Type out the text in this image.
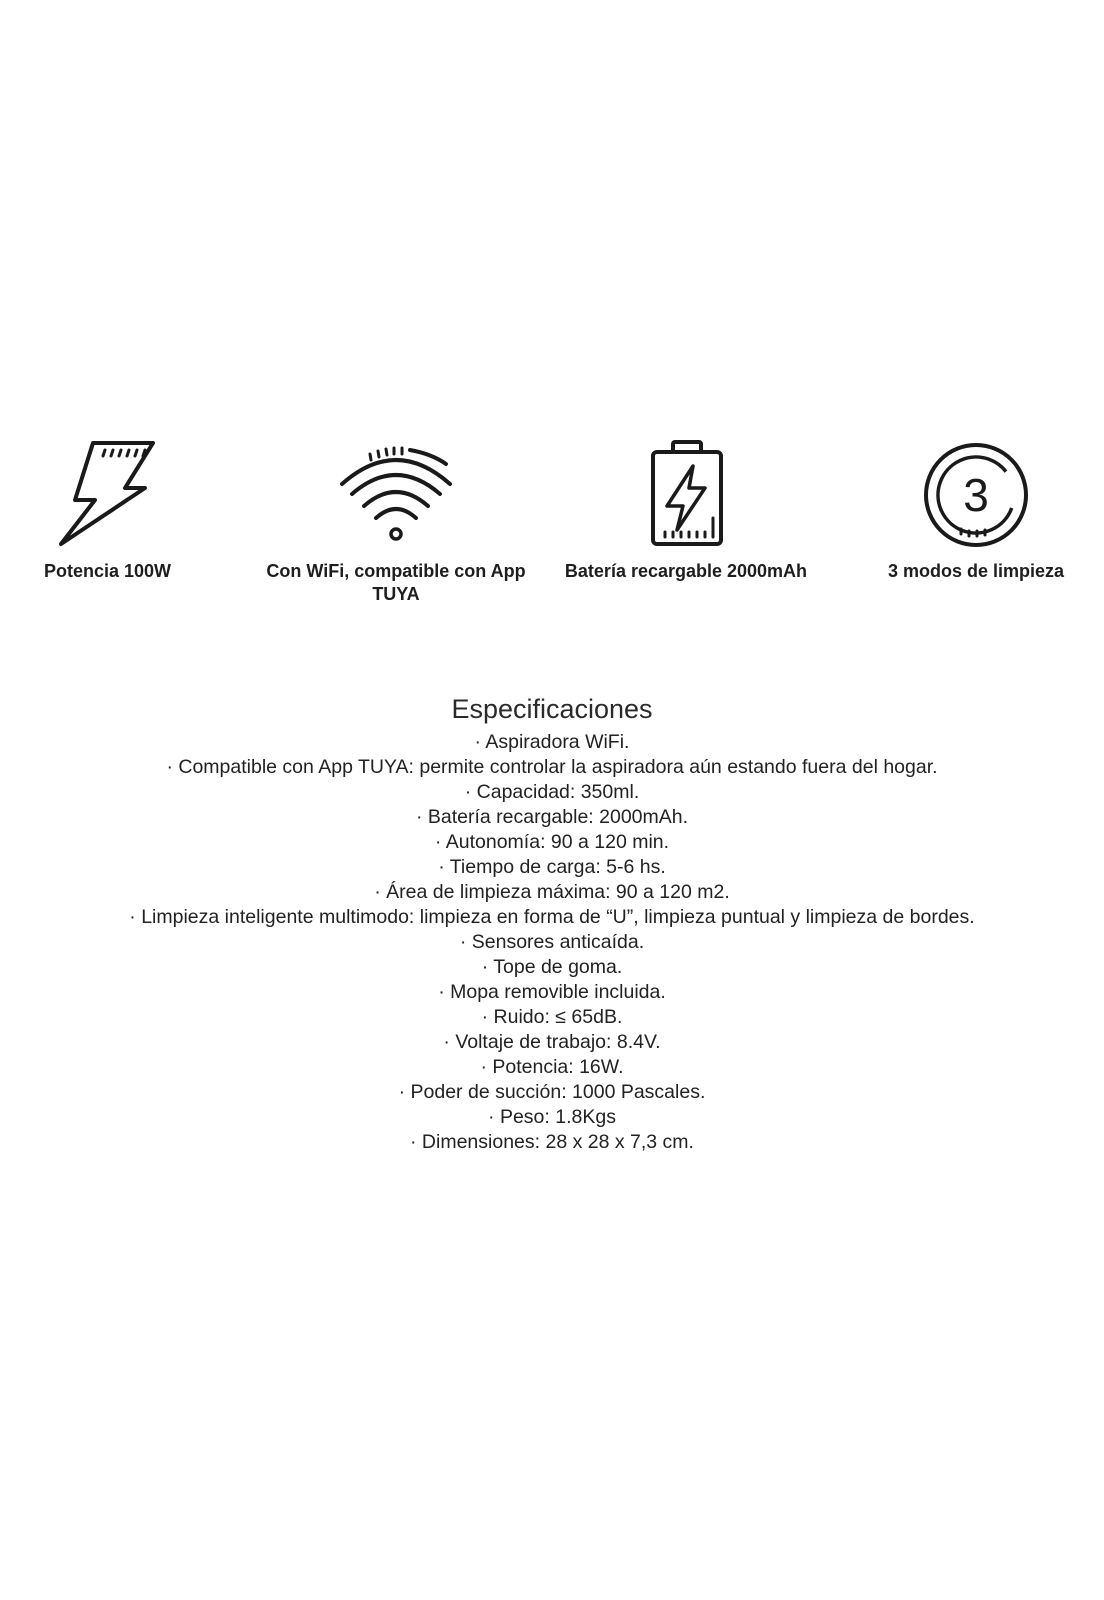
Potencia 100W	Con WiFi, compatible con App TUYA
Batería recargable 2000mAh
3
3 modos de limpieza
Especificaciones
· Aspiradora WiFi.
· Compatible con App TUYA: permite controlar la aspiradora aún estando fuera del hogar.
· Capacidad: 350ml.
· Batería recargable: 2000mAh.
· Autonomía: 90 a 120 min.
· Tiempo de carga: 5-6 hs.
· Área de limpieza máxima: 90 a 120 m2.
· Limpieza inteligente multimodo: limpieza en forma de “U”, limpieza puntual y limpieza de bordes.
· Sensores anticaída.
· Tope de goma.
· Mopa removible incluida.
· Ruido: ≤ 65dB.
· Voltaje de trabajo: 8.4V.
· Potencia: 16W.
· Poder de succión: 1000 Pascales.
· Peso: 1.8Kgs
· Dimensiones: 28 x 28 x 7,3 cm.
